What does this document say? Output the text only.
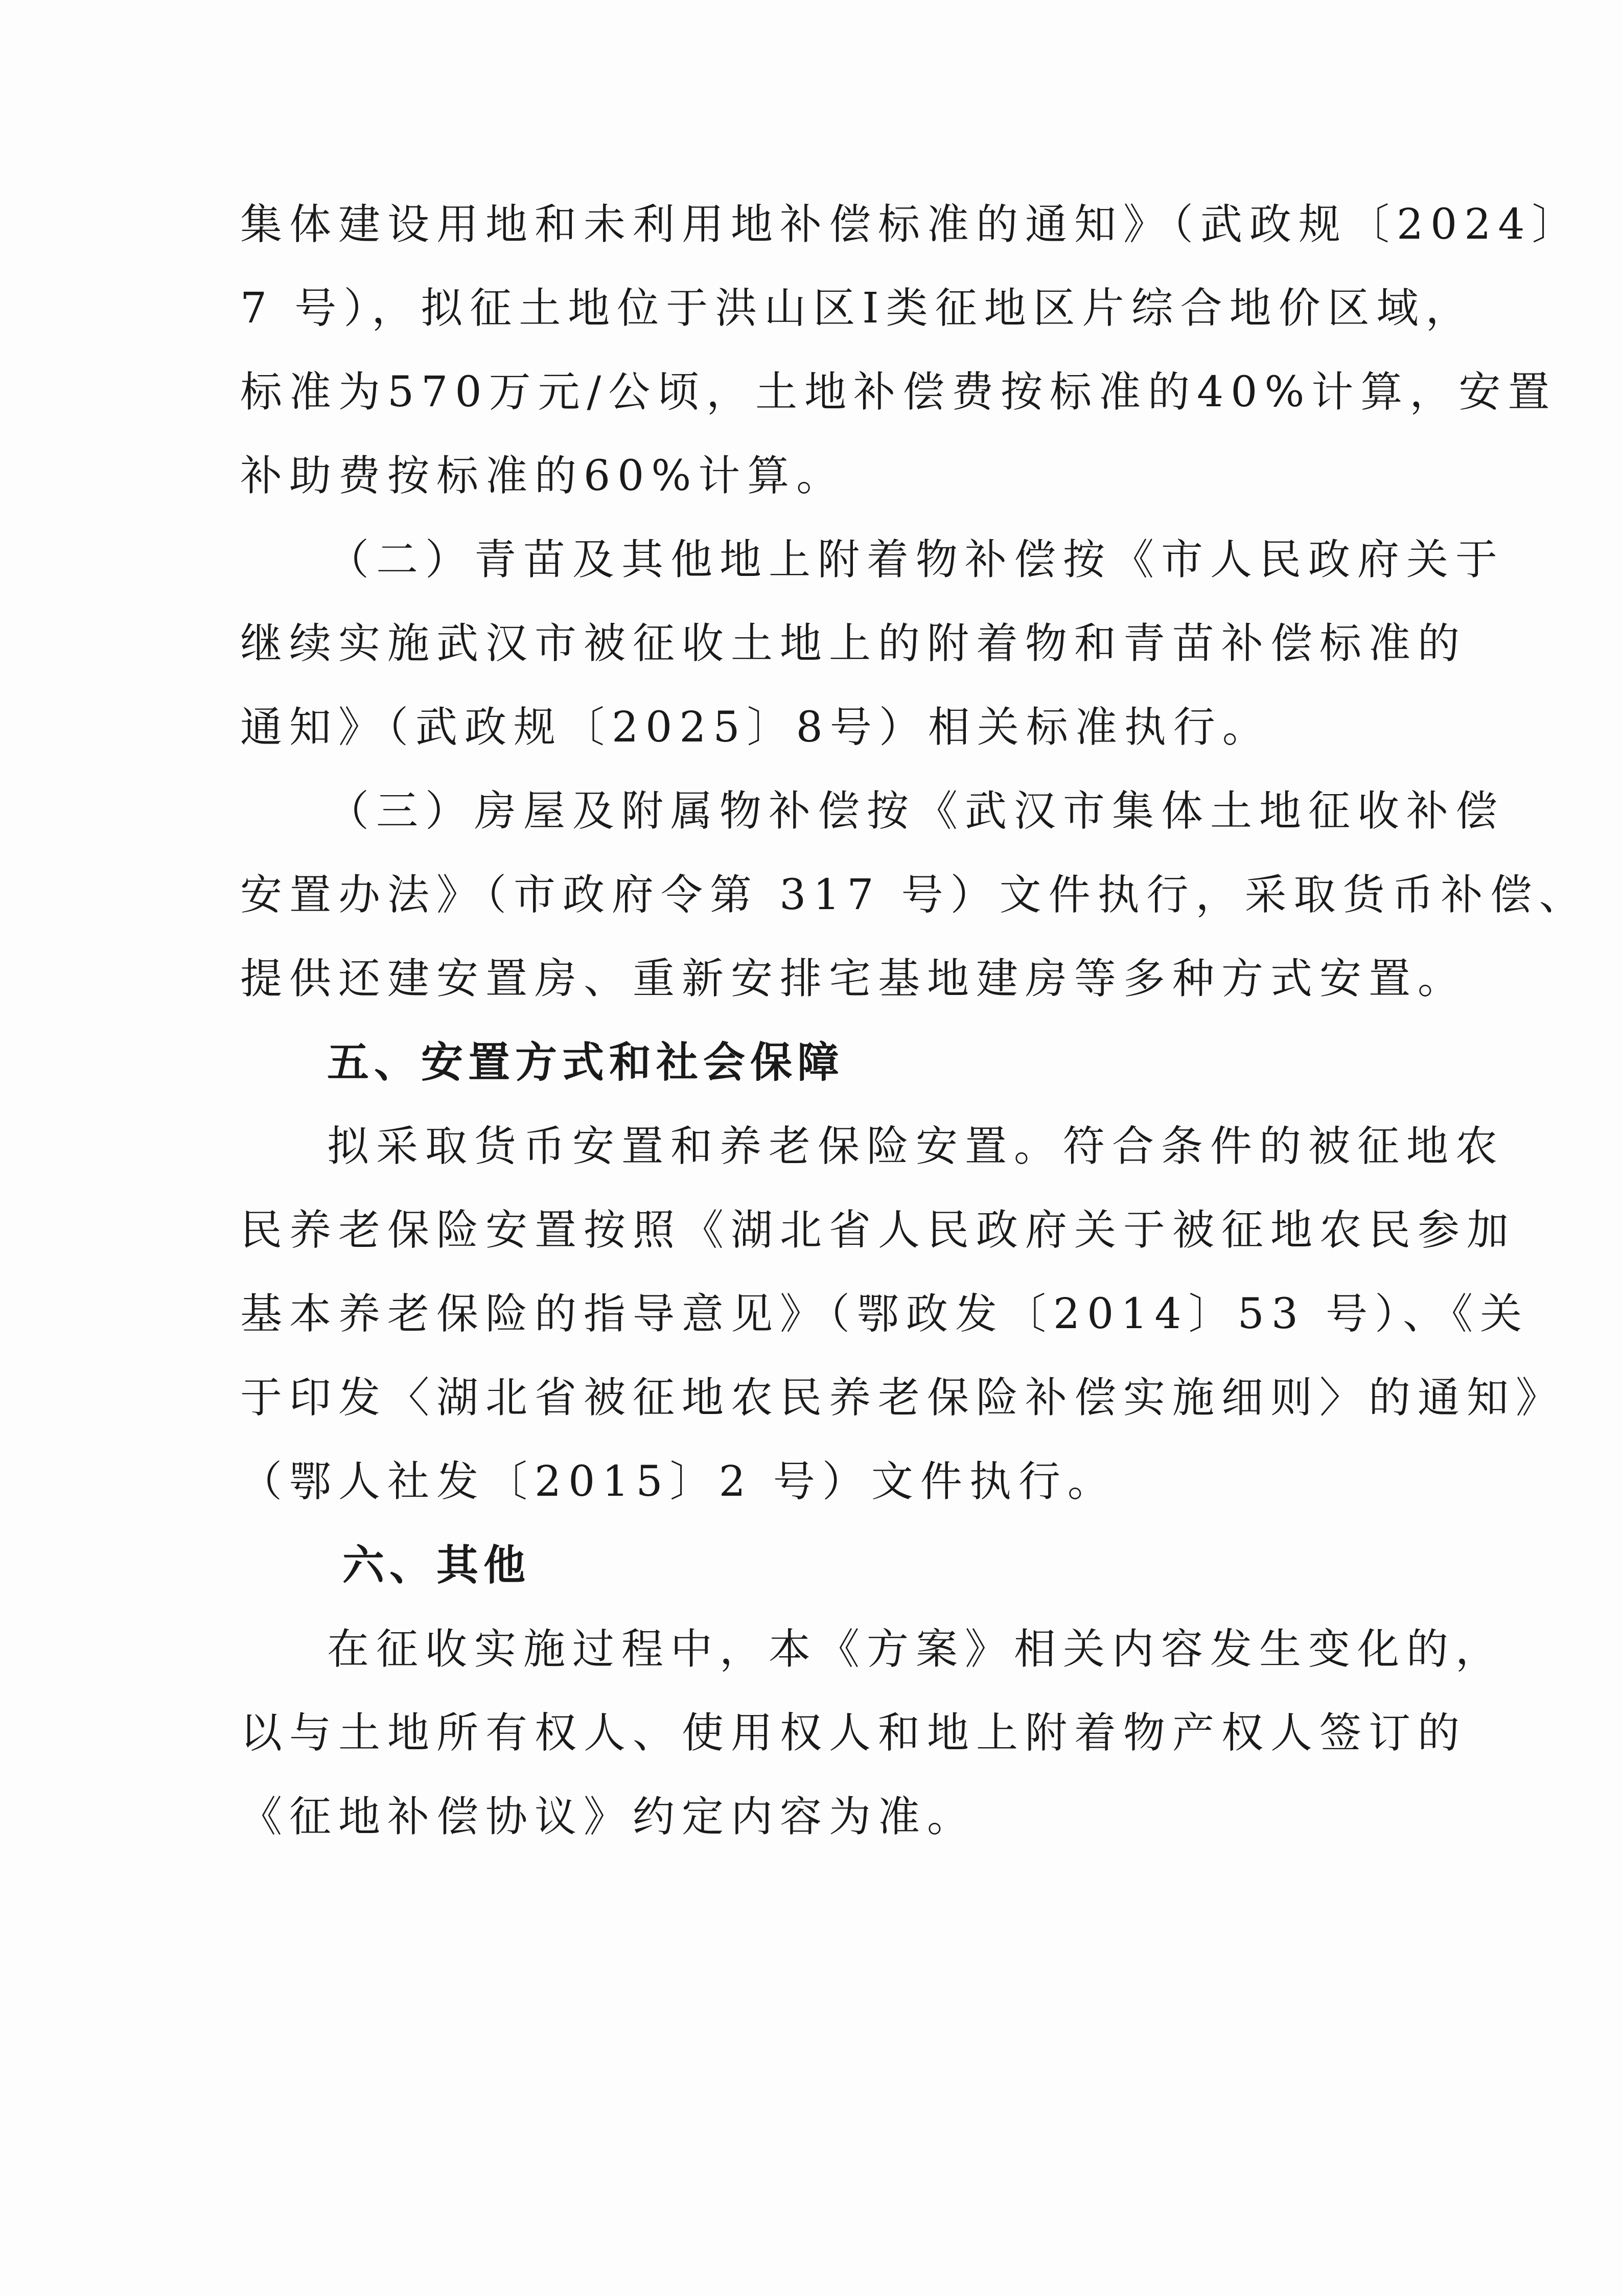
集体建设用地和未利用地补偿标准的通知》（武政规〔2024〕
7 号），拟征土地位于洪山区Ⅰ类征地区片综合地价区域，
标准为570万元/公顷，土地补偿费按标准的40%计算，安置
补助费按标准的60%计算。
（二）青苗及其他地上附着物补偿按《市人民政府关于
继续实施武汉市被征收土地上的附着物和青苗补偿标准的
通知》（武政规〔2025〕8号）相关标准执行。
（三）房屋及附属物补偿按《武汉市集体土地征收补偿
安置办法》（市政府令第 317 号）文件执行，采取货币补偿、
提供还建安置房、重新安排宅基地建房等多种方式安置。
五、安置方式和社会保障
拟采取货币安置和养老保险安置。符合条件的被征地农
民养老保险安置按照《湖北省人民政府关于被征地农民参加
基本养老保险的指导意见》（鄂政发〔2014〕53 号）、《关
于印发〈湖北省被征地农民养老保险补偿实施细则〉的通知》
（鄂人社发〔2015〕2 号）文件执行。
六、其他
在征收实施过程中，本《方案》相关内容发生变化的，
以与土地所有权人、使用权人和地上附着物产权人签订的
《征地补偿协议》约定内容为准。
